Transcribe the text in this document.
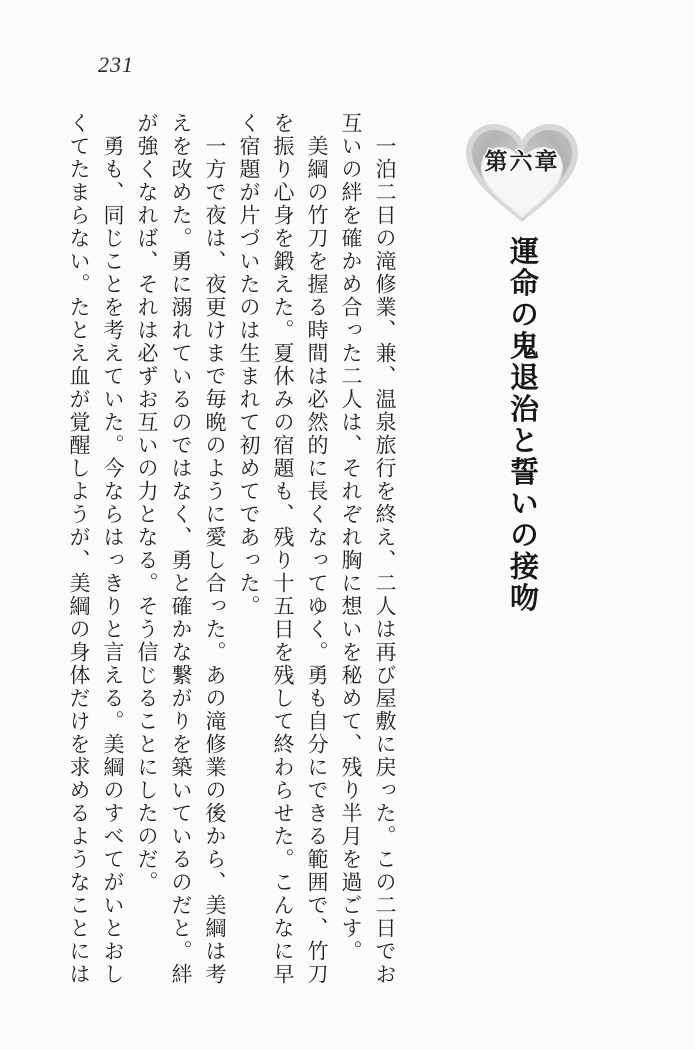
231
第六章
運命の鬼退治と誓いの接吻
　一泊二日の滝修業、兼、温泉旅行を終え、二人は再び屋敷に戻った。この二日でお
互いの絆を確かめ合った二人は、それぞれ胸に想いを秘めて、残り半月を過ごす。
　美綱の竹刀を握る時間は必然的に長くなってゆく。勇も自分にできる範囲で、竹刀
を振り心身を鍛えた。夏休みの宿題も、残り十五日を残して終わらせた。こんなに早
く宿題が片づいたのは生まれて初めてであった。
　一方で夜は、夜更けまで毎晩のように愛し合った。あの滝修業の後から、美綱は考
えを改めた。勇に溺れているのではなく、勇と確かな繋がりを築いているのだと。絆
が強くなれば、それは必ずお互いの力となる。そう信じることにしたのだ。
　勇も、同じことを考えていた。今ならはっきりと言える。美綱のすべてがいとおし
くてたまらない。たとえ血が覚醒しようが、美綱の身体だけを求めるようなことには
